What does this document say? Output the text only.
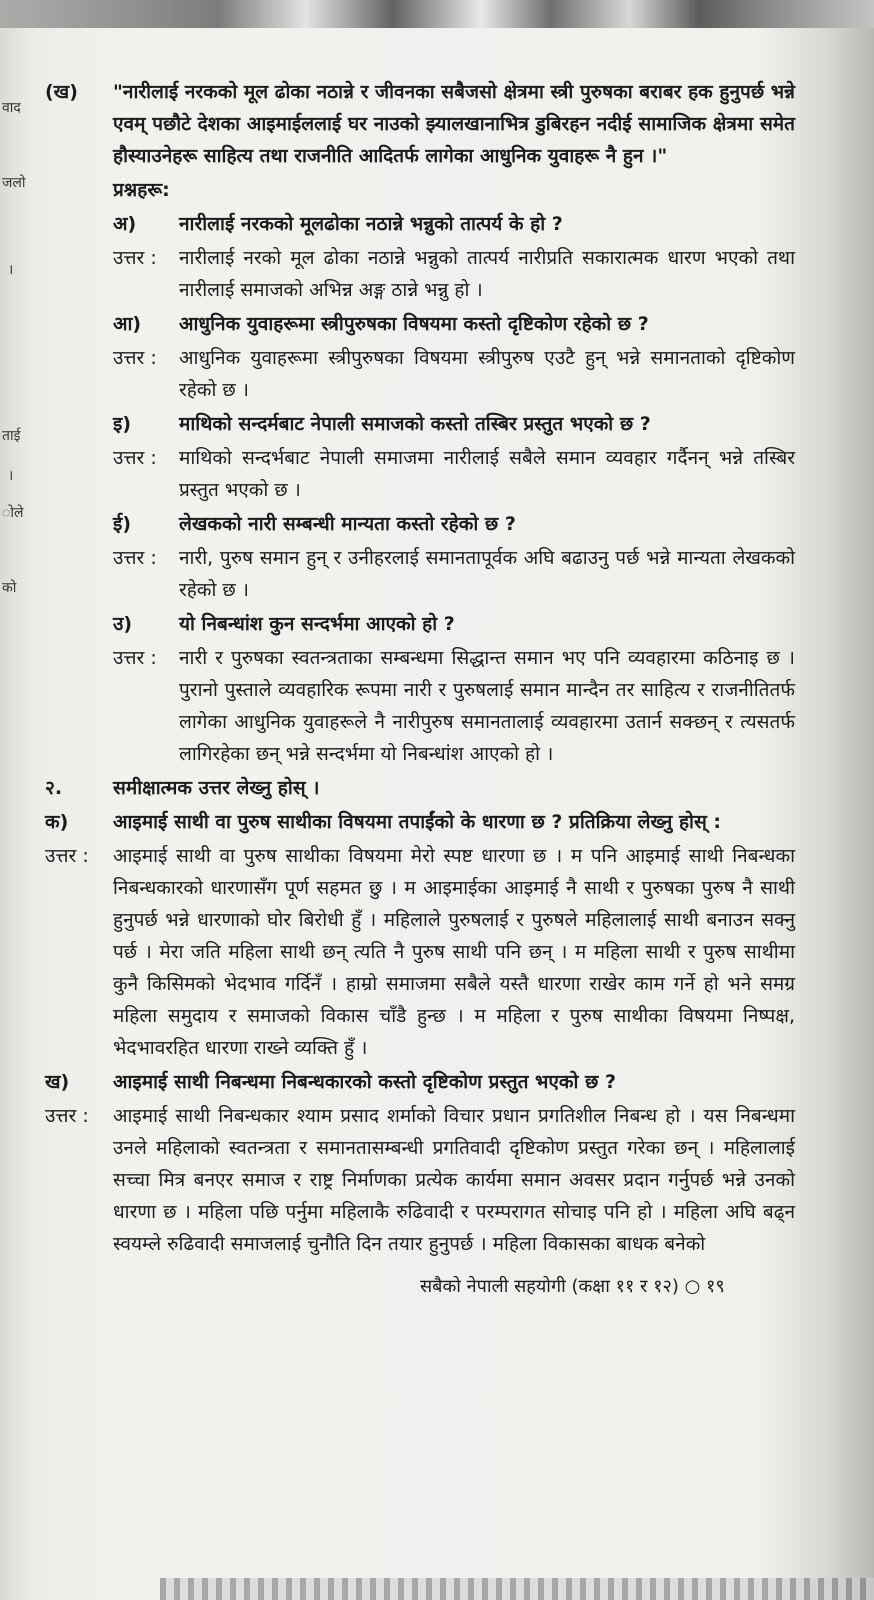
वाद
जलो
।
ताई
।
ोले
को
(ख)	"नारीलाई नरकको मूल ढोका नठान्ने र जीवनका सबैजसो क्षेत्रमा स्त्री पुरुषका बराबर हक हुनुपर्छ भन्ने एवम् पछौटे देशका आइमाईललाई घर नाउको झ्यालखानाभित्र डुबिरहन नदीई सामाजिक क्षेत्रमा समेत हौस्याउनेहरू साहित्य तथा राजनीति आदितर्फ लागेका आधुनिक युवाहरू नै हुन ।"
प्रश्नहरू:
अ)	नारीलाई नरकको मूलढोका नठान्ने भन्नुको तात्पर्य के हो ?
उत्तर :	नारीलाई नरको मूल ढोका नठान्ने भन्नुको तात्पर्य नारीप्रति सकारात्मक धारण भएको तथा नारीलाई समाजको अभिन्न अङ्ग ठान्ने भन्नु हो ।
आ)	आधुनिक युवाहरूमा स्त्रीपुरुषका विषयमा कस्तो दृष्टिकोण रहेको छ ?
उत्तर :	आधुनिक युवाहरूमा स्त्रीपुरुषका विषयमा स्त्रीपुरुष एउटै हुन् भन्ने समानताको दृष्टिकोण रहेको छ ।
इ)	माथिको सन्दर्मबाट नेपाली समाजको कस्तो तस्बिर प्रस्तुत भएको छ ?
उत्तर :	माथिको सन्दर्भबाट नेपाली समाजमा नारीलाई सबैले समान व्यवहार गर्दैनन् भन्ने तस्बिर प्रस्तुत भएको छ ।
ई)	लेखकको नारी सम्बन्धी मान्यता कस्तो रहेको छ ?
उत्तर :	नारी, पुरुष समान हुन् र उनीहरलाई समानतापूर्वक अघि बढाउनु पर्छ भन्ने मान्यता लेखकको रहेको छ ।
उ)	यो निबन्धांश कुन सन्दर्भमा आएको हो ?
उत्तर :	नारी र पुरुषका स्वतन्त्रताका सम्बन्धमा सिद्धान्त समान भए पनि व्यवहारमा कठिनाइ छ । पुरानो पुस्ताले व्यवहारिक रूपमा नारी र पुरुषलाई समान मान्दैन तर साहित्य र राजनीतितर्फ लागेका आधुनिक युवाहरूले नै नारीपुरुष समानतालाई व्यवहारमा उतार्न सक्छन् र त्यसतर्फ लागिरहेका छन् भन्ने सन्दर्भमा यो निबन्धांश आएको हो ।
२.	समीक्षात्मक उत्तर लेख्नु होस् ।
क)	आइमाई साथी वा पुरुष साथीका विषयमा तपाईंको के धारणा छ ? प्रतिक्रिया लेख्नु होस् :
उत्तर :	आइमाई साथी वा पुरुष साथीका विषयमा मेरो स्पष्ट धारणा छ । म पनि आइमाई साथी निबन्धका निबन्धकारको धारणासँग पूर्ण सहमत छु । म आइमाईका आइमाई नै साथी र पुरुषका पुरुष नै साथी हुनुपर्छ भन्ने धारणाको घोर बिरोधी हुँ । महिलाले पुरुषलाई र पुरुषले महिलालाई साथी बनाउन सक्नु पर्छ । मेरा जति महिला साथी छन् त्यति नै पुरुष साथी पनि छन् । म महिला साथी र पुरुष साथीमा कुनै किसिमको भेदभाव गर्दिनँ । हाम्रो समाजमा सबैले यस्तै धारणा राखेर काम गर्ने हो भने समग्र महिला समुदाय र समाजको विकास चाँडै हुन्छ । म महिला र पुरुष साथीका विषयमा निष्पक्ष, भेदभावरहित धारणा राख्ने व्यक्ति हुँ ।
ख)	आइमाई साथी निबन्धमा निबन्धकारको कस्तो दृष्टिकोण प्रस्तुत भएको छ ?
उत्तर :	आइमाई साथी निबन्धकार श्याम प्रसाद शर्माको विचार प्रधान प्रगतिशील निबन्ध हो । यस निबन्धमा उनले महिलाको स्वतन्त्रता र समानतासम्बन्धी प्रगतिवादी दृष्टिकोण प्रस्तुत गरेका छन् । महिलालाई सच्चा मित्र बनएर समाज र राष्ट्र निर्माणका प्रत्येक कार्यमा समान अवसर प्रदान गर्नुपर्छ भन्ने उनको धारणा छ । महिला पछि पर्नुमा महिलाकै रुढिवादी र परम्परागत सोचाइ पनि हो । महिला अघि बढ्न स्वयम्ले रुढिवादी समाजलाई चुनौति दिन तयार हुनुपर्छ । महिला विकासका बाधक बनेको
सबैको नेपाली सहयोगी (कक्षा ११ र १२) ○ १९
